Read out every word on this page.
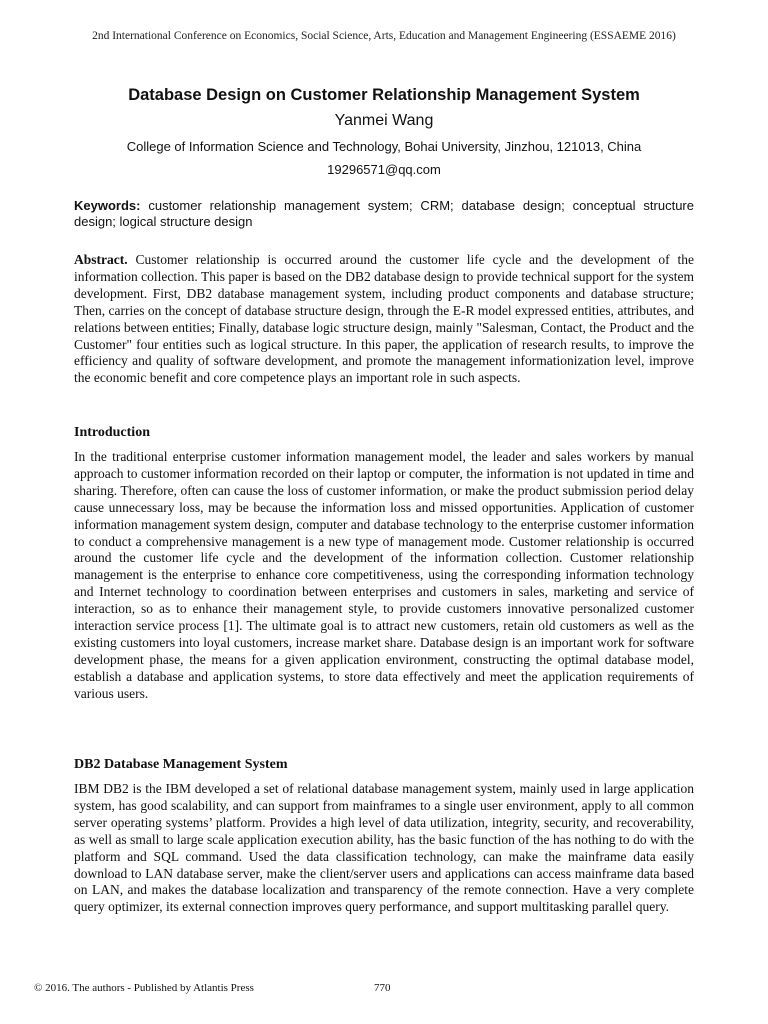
2nd International Conference on Economics, Social Science, Arts, Education and Management Engineering (ESSAEME 2016)
Database Design on Customer Relationship Management System
Yanmei Wang
College of Information Science and Technology, Bohai University, Jinzhou, 121013, China
19296571@qq.com
Keywords: customer relationship management system; CRM; database design; conceptual structure design; logical structure design
Abstract. Customer relationship is occurred around the customer life cycle and the development of the information collection. This paper is based on the DB2 database design to provide technical support for the system development. First, DB2 database management system, including product components and database structure; Then, carries on the concept of database structure design, through the E-R model expressed entities, attributes, and relations between entities; Finally, database logic structure design, mainly "Salesman, Contact, the Product and the Customer" four entities such as logical structure. In this paper, the application of research results, to improve the efficiency and quality of software development, and promote the management informationization level, improve the economic benefit and core competence plays an important role in such aspects.
Introduction
In the traditional enterprise customer information management model, the leader and sales workers by manual approach to customer information recorded on their laptop or computer, the information is not updated in time and sharing. Therefore, often can cause the loss of customer information, or make the product submission period delay cause unnecessary loss, may be because the information loss and missed opportunities. Application of customer information management system design, computer and database technology to the enterprise customer information to conduct a comprehensive management is a new type of management mode. Customer relationship is occurred around the customer life cycle and the development of the information collection. Customer relationship management is the enterprise to enhance core competitiveness, using the corresponding information technology and Internet technology to coordination between enterprises and customers in sales, marketing and service of interaction, so as to enhance their management style, to provide customers innovative personalized customer interaction service process [1]. The ultimate goal is to attract new customers, retain old customers as well as the existing customers into loyal customers, increase market share. Database design is an important work for software development phase, the means for a given application environment, constructing the optimal database model, establish a database and application systems, to store data effectively and meet the application requirements of various users.
DB2 Database Management System
IBM DB2 is the IBM developed a set of relational database management system, mainly used in large application system, has good scalability, and can support from mainframes to a single user environment, apply to all common server operating systems’ platform. Provides a high level of data utilization, integrity, security, and recoverability, as well as small to large scale application execution ability, has the basic function of the has nothing to do with the platform and SQL command. Used the data classification technology, can make the mainframe data easily download to LAN database server, make the client/server users and applications can access mainframe data based on LAN, and makes the database localization and transparency of the remote connection. Have a very complete query optimizer, its external connection improves query performance, and support multitasking parallel query.
© 2016. The authors - Published by Atlantis Press	770
